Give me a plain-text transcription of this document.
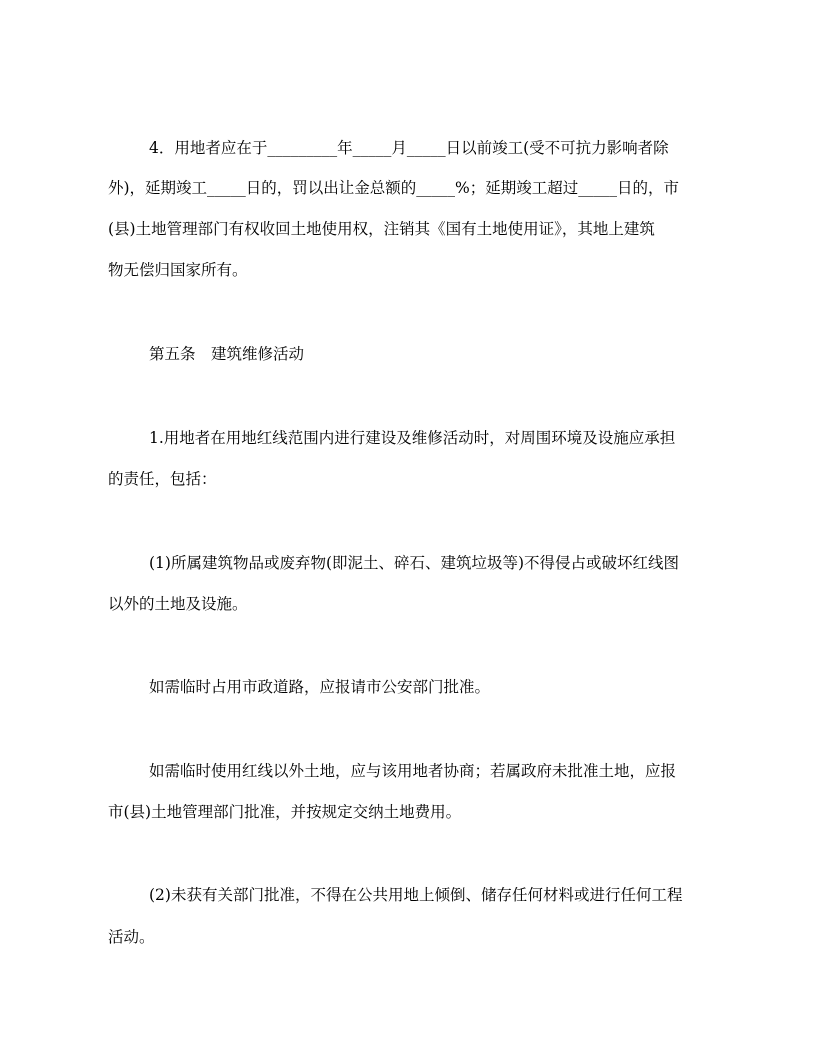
4．用地者应在于_________年_____月_____日以前竣工(受不可抗力影响者除
外)，延期竣工_____日的，罚以出让金总额的_____%；延期竣工超过_____日的，市
(县)土地管理部门有权收回土地使用权，注销其《国有土地使用证》，其地上建筑
物无偿归国家所有。
第五条　建筑维修活动
1.用地者在用地红线范围内进行建设及维修活动时，对周围环境及设施应承担
的责任，包括：
(1)所属建筑物品或废弃物(即泥土、碎石、建筑垃圾等)不得侵占或破坏红线图
以外的土地及设施。
如需临时占用市政道路，应报请市公安部门批准。
如需临时使用红线以外土地，应与该用地者协商；若属政府未批准土地，应报
市(县)土地管理部门批准，并按规定交纳土地费用。
(2)未获有关部门批准，不得在公共用地上倾倒、储存任何材料或进行任何工程
活动。
